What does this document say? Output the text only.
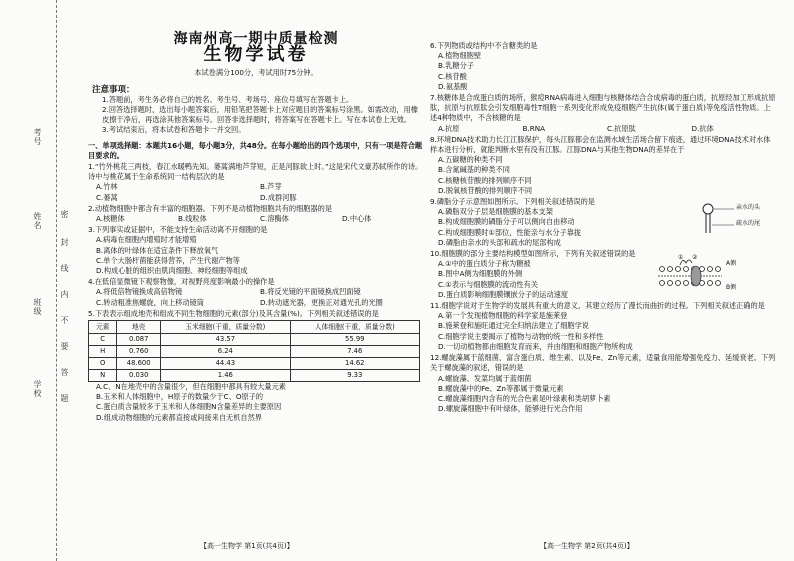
考号
姓名
班级
学校
密
封
线
内
不
要
答
题
海南州高一期中质量检测
生物学试卷
本试卷满分100分，考试用时75分钟。
注意事项：

1.答题前，考生务必将自己的姓名、考生号、考场号、座位号填写在答题卡上。

2.回答选择题时，选出每小题答案后，用铅笔把答题卡上对应题目的答案标号涂黑。如需改动，用橡皮擦干净后，再选涂其他答案标号。回答非选择题时，将答案写在答题卡上。写在本试卷上无效。

3.考试结束后，将本试卷和答题卡一并交回。

一、单项选择题：本题共16小题，每小题3分，共48分。在每小题给出的四个选项中，只有一项是符合题目要求的。

1.“竹外桃花三两枝，春江水暖鸭先知。蒌蒿满地芦芽短，正是河豚欲上时。”这是宋代文豪苏轼所作的诗。诗中与桃花属于生命系统同一结构层次的是

A.竹林	B.芦芽
C.蒌蒿	D.成群河豚

2.动植物细胞中都含有丰富的细胞器。下列不是动植物细胞共有的细胞器的是

A.核糖体	B.线粒体	C.溶酶体	D.中心体

3.下列事实或证据中，不能支持生命活动离不开细胞的是

A.病毒在细胞内增殖时才能增殖
B.离体的叶绿体在适宜条件下释放氧气
C.单个大肠杆菌能获得营养，产生代谢产物等
D.构成心脏的组织由肌肉细胞、神经细胞等组成

4.在低倍显微镜下观察物像，对视野亮度影响最小的操作是

A.将低倍物镜换成高倍物镜	B.将反光镜的平面镜换成凹面镜
C.转动粗准焦螺旋，向上移动镜筒	D.转动遮光器，更换正对通光孔的光圈

5.下表表示组成地壳和组成不同生物细胞的元素(部分)及其含量(%)。下列相关叙述错误的是

元素	地壳	玉米细胞(干重，质量分数)	人体细胞(干重，质量分数)
C	0.087	43.57	55.99
H	0.760	6.24	7.46
O	48.600	44.43	14.62
N	0.030	1.46	9.33
A.C、N在地壳中的含量很少，但在细胞中都具有较大量元素
B.玉米和人体细胞中，H原子的数量少于C、O原子的
C.蛋白质含量较多于玉米和人体细胞N含量差异的主要原因
D.组成动物细胞的元素都直接或间接来自无机自然界
【高一生物学 第1页(共4页)】

6.下列物质或结构中不含糖类的是

A.植物细胞壁
B.乳糖分子
C.核苷酸
D.氨基酸

7.核糖体是合成蛋白质的场所，猴痘RNA病毒进入细胞与核糖体结合合成病毒的蛋白质，抗原经加工形成抗原肽，抗原与抗原肽会引发细胞毒性T细胞一系列变化形成免疫细胞产生抗体(属于蛋白质)等免疫活性物质。上述4种物质中，不含核糖的是

A.抗原	B.RNA	C.抗原肽	D.抗体

8.环境DNA技术助力长江江豚保护，每头江豚都会在监测水域生活场合留下痕迹，通过环境DNA技术对水体样本进行分析，就能判断水里有没有江豚。江豚DNA与其他生物DNA的差异在于

A.五碳糖的种类不同
B.含氮碱基的种类不同
C.核糖核苷酸的排列顺序不同
D.脱氧核苷酸的排列顺序不同

9.磷脂分子示意图如图所示。下列相关叙述错误的是

A.磷脂双分子层是细胞膜的基本支架
B.构成细胞膜的磷脂分子可以侧向自由移动
C.构成细胞膜时①部位，性能亲与水分子靠拢
D.磷脂由亲水的头部和疏水的尾部构成
亲水的头
疏水的尾

10.细胞膜的部分主要结构模型如图所示，下列有关叙述错误的是

A.①中的蛋白质分子称为糖被
B.图中A侧为细胞膜的外侧
C.①表示与细胞膜的流动性有关
D.蛋白质影响细胞膜镶嵌分子的运动速度
① ②
A侧
B侧

11.细胞学说对于生物学的发展具有重大的意义，其建立经历了漫长而曲折的过程。下列相关叙述正确的是

A.第一个发现植物细胞的科学家是施莱登
B.施莱登和施旺通过完全归纳法建立了细胞学说
C.细胞学说主要揭示了植物与动物的统一性和多样性
D.一切动植物都由细胞发育而来，并由细胞和细胞产物所构成

12.螺旋藻属于蓝细菌，富含蛋白质、维生素、以及Fe、Zn等元素，适量食用能增强免疫力、延缓衰老。下列关于螺旋藻的叙述，错误的是

A.螺旋藻、发菜均属于蓝细菌
B.螺旋藻中的Fe、Zn等都属于微量元素
C.螺旋藻细胞内含有的光合色素是叶绿素和类胡萝卜素
D.螺旋藻细胞中有叶绿体，能够进行光合作用
【高一生物学 第2页(共4页)】
